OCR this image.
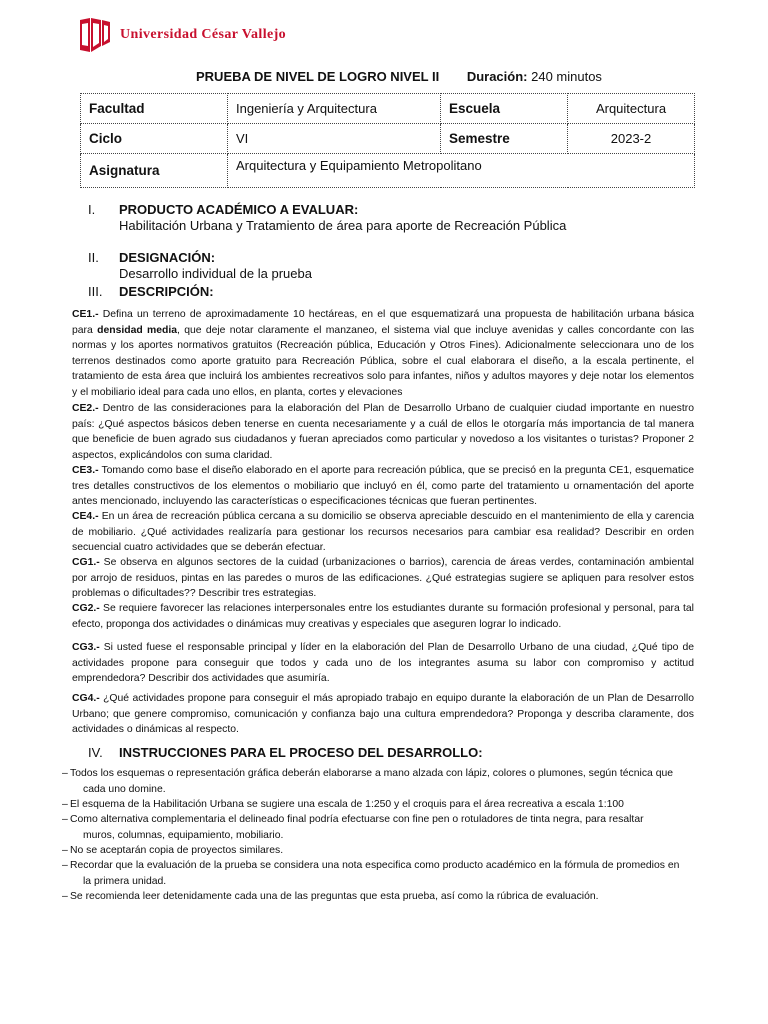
Universidad César Vallejo
PRUEBA DE NIVEL DE LOGRO NIVEL II Duración: 240 minutos
Facultad	Ingeniería y Arquitectura	Escuela	Arquitectura
Ciclo	VI	Semestre	2023-2
Asignatura	Arquitectura y Equipamiento Metropolitano		
I.	PRODUCTO ACADÉMICO A EVALUAR:
Habilitación Urbana y Tratamiento de área para aporte de Recreación Pública
II.	DESIGNACIÓN:
Desarrollo individual de la prueba
III.	DESCRIPCIÓN:
CE1.- Defina un terreno de aproximadamente 10 hectáreas, en el que esquematizará una propuesta de habilitación urbana básica para densidad media, que deje notar claramente el manzaneo, el sistema vial que incluye avenidas y calles concordante con las normas y los aportes normativos gratuitos (Recreación pública, Educación y Otros Fines). Adicionalmente seleccionara uno de los terrenos destinados como aporte gratuito para Recreación Pública, sobre el cual elaborara el diseño, a la escala pertinente, el tratamiento de esta área que incluirá los ambientes recreativos solo para infantes, niños y adultos mayores y deje notar los elementos y el mobiliario ideal para cada uno ellos, en planta, cortes y elevaciones
CE2.- Dentro de las consideraciones para la elaboración del Plan de Desarrollo Urbano de cualquier ciudad importante en nuestro país: ¿Qué aspectos básicos deben tenerse en cuenta necesariamente y a cuál de ellos le otorgaría más importancia de tal manera que beneficie de buen agrado sus ciudadanos y fueran apreciados como particular y novedoso a los visitantes o turistas? Proponer 2 aspectos, explicándolos con suma claridad.
CE3.- Tomando como base el diseño elaborado en el aporte para recreación pública, que se precisó en la pregunta CE1, esquematice tres detalles constructivos de los elementos o mobiliario que incluyó en él, como parte del tratamiento u ornamentación del aporte antes mencionado, incluyendo las características o especificaciones técnicas que fueran pertinentes.
CE4.- En un área de recreación pública cercana a su domicilio se observa apreciable descuido en el mantenimiento de ella y carencia de mobiliario. ¿Qué actividades realizaría para gestionar los recursos necesarios para cambiar esa realidad? Describir en orden secuencial cuatro actividades que se deberán efectuar.
CG1.- Se observa en algunos sectores de la cuidad (urbanizaciones o barrios), carencia de áreas verdes, contaminación ambiental por arrojo de residuos, pintas en las paredes o muros de las edificaciones. ¿Qué estrategias sugiere se apliquen para resolver estos problemas o dificultades?? Describir tres estrategias.
CG2.- Se requiere favorecer las relaciones interpersonales entre los estudiantes durante su formación profesional y personal, para tal efecto, proponga dos actividades o dinámicas muy creativas y especiales que aseguren lograr lo indicado.
CG3.- Si usted fuese el responsable principal y líder en la elaboración del Plan de Desarrollo Urbano de una ciudad, ¿Qué tipo de actividades propone para conseguir que todos y cada uno de los integrantes asuma su labor con compromiso y actitud emprendedora? Describir dos actividades que asumiría.
CG4.- ¿Qué actividades propone para conseguir el más apropiado trabajo en equipo durante la elaboración de un Plan de Desarrollo Urbano; que genere compromiso, comunicación y confianza bajo una cultura emprendedora? Proponga y describa claramente, dos actividades o dinámicas al respecto.
IV.	INSTRUCCIONES PARA EL PROCESO DEL DESARROLLO:
– Todos los esquemas o representación gráfica deberán elaborarse a mano alzada con lápiz, colores o plumones, según técnica que
cada uno domine.
– El esquema de la Habilitación Urbana se sugiere una escala de 1:250 y el croquis para el área recreativa a escala 1:100
– Como alternativa complementaria el delineado final podría efectuarse con fine pen o rotuladores de tinta negra, para resaltar
muros, columnas, equipamiento, mobiliario.
– No se aceptarán copia de proyectos similares.
– Recordar que la evaluación de la prueba se considera una nota especifica como producto académico en la fórmula de promedios en
la primera unidad.
– Se recomienda leer detenidamente cada una de las preguntas que esta prueba, así como la rúbrica de evaluación.
